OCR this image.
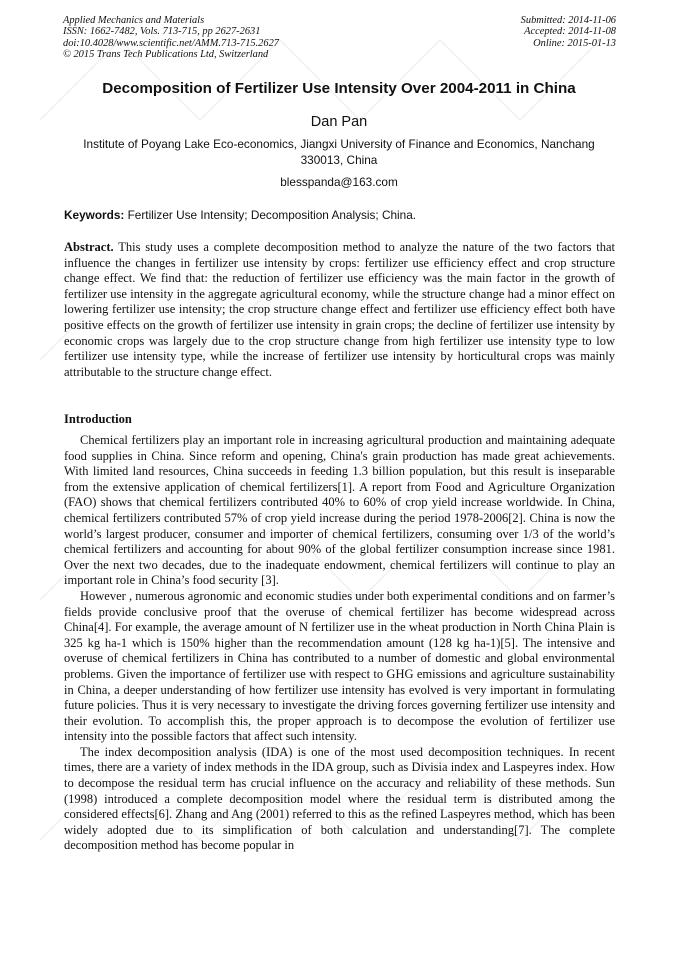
Applied Mechanics and Materials
ISSN: 1662-7482, Vols. 713-715, pp 2627-2631
doi:10.4028/www.scientific.net/AMM.713-715.2627
© 2015 Trans Tech Publications Ltd, Switzerland
Submitted: 2014-11-06
Accepted: 2014-11-08
Online: 2015-01-13
Decomposition of Fertilizer Use Intensity Over 2004-2011 in China
Dan Pan
Institute of Poyang Lake Eco-economics, Jiangxi University of Finance and Economics, Nanchang 330013, China
blesspanda@163.com
Keywords: Fertilizer Use Intensity; Decomposition Analysis; China.
Abstract. This study uses a complete decomposition method to analyze the nature of the two factors that influence the changes in fertilizer use intensity by crops: fertilizer use efficiency effect and crop structure change effect. We find that: the reduction of fertilizer use efficiency was the main factor in the growth of fertilizer use intensity in the aggregate agricultural economy, while the structure change had a minor effect on lowering fertilizer use intensity; the crop structure change effect and fertilizer use efficiency effect both have positive effects on the growth of fertilizer use intensity in grain crops; the decline of fertilizer use intensity by economic crops was largely due to the crop structure change from high fertilizer use intensity type to low fertilizer use intensity type, while the increase of fertilizer use intensity by horticultural crops was mainly attributable to the structure change effect.
Introduction

Chemical fertilizers play an important role in increasing agricultural production and maintaining adequate food supplies in China. Since reform and opening, China's grain production has made great achievements. With limited land resources, China succeeds in feeding 1.3 billion population, but this result is inseparable from the extensive application of chemical fertilizers[1]. A report from Food and Agriculture Organization (FAO) shows that chemical fertilizers contributed 40% to 60% of crop yield increase worldwide. In China, chemical fertilizers contributed 57% of crop yield increase during the period 1978-2006[2]. China is now the world’s largest producer, consumer and importer of chemical fertilizers, consuming over 1/3 of the world’s chemical fertilizers and accounting for about 90% of the global fertilizer consumption increase since 1981. Over the next two decades, due to the inadequate endowment, chemical fertilizers will continue to play an important role in China’s food security [3].

However , numerous agronomic and economic studies under both experimental conditions and on farmer’s fields provide conclusive proof that the overuse of chemical fertilizer has become widespread across China[4]. For example, the average amount of N fertilizer use in the wheat production in North China Plain is 325 kg ha-1 which is 150% higher than the recommendation amount (128 kg ha-1)[5]. The intensive and overuse of chemical fertilizers in China has contributed to a number of domestic and global environmental problems. Given the importance of fertilizer use with respect to GHG emissions and agriculture sustainability in China, a deeper understanding of how fertilizer use intensity has evolved is very important in formulating future policies. Thus it is very necessary to investigate the driving forces governing fertilizer use intensity and their evolution. To accomplish this, the proper approach is to decompose the evolution of fertilizer use intensity into the possible factors that affect such intensity.

The index decomposition analysis (IDA) is one of the most used decomposition techniques. In recent times, there are a variety of index methods in the IDA group, such as Divisia index and Laspeyres index. How to decompose the residual term has crucial influence on the accuracy and reliability of these methods. Sun (1998) introduced a complete decomposition model where the residual term is distributed among the considered effects[6]. Zhang and Ang (2001) referred to this as the refined Laspeyres method, which has been widely adopted due to its simplification of both calculation and understanding[7]. The complete decomposition method has become popular in
